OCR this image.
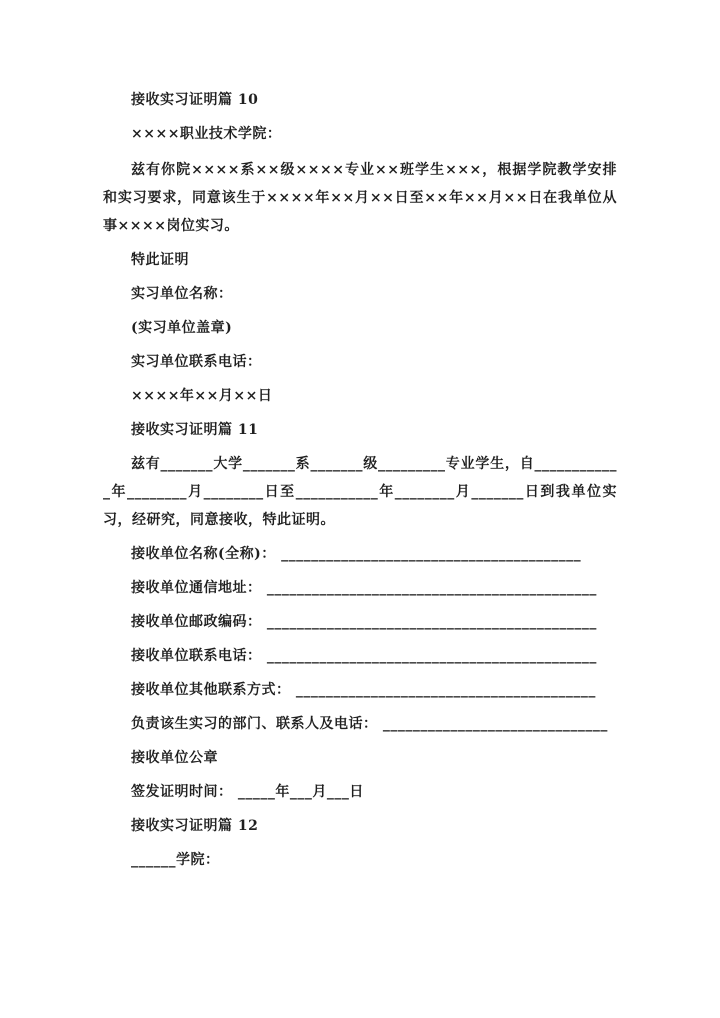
接收实习证明篇 10

××××职业技术学院：

兹有你院××××系××级××××专业××班学生×××，根据学院教学安排和实习要求，同意该生于××××年××月××日至××年××月××日在我单位从事××××岗位实习。

特此证明

实习单位名称：

(实习单位盖章)

实习单位联系电话：

××××年××月××日

接收实习证明篇 11

兹有_______大学_______系_______级_________专业学生，自____________年________月________日至___________年________月_______日到我单位实习，经研究，同意接收，特此证明。

接收单位名称(全称)： ________________________________________

接收单位通信地址： ____________________________________________

接收单位邮政编码： ____________________________________________

接收单位联系电话： ____________________________________________

接收单位其他联系方式： ________________________________________

负责该生实习的部门、联系人及电话： ______________________________

接收单位公章

签发证明时间： _____年___月___日

接收实习证明篇 12

______学院：
